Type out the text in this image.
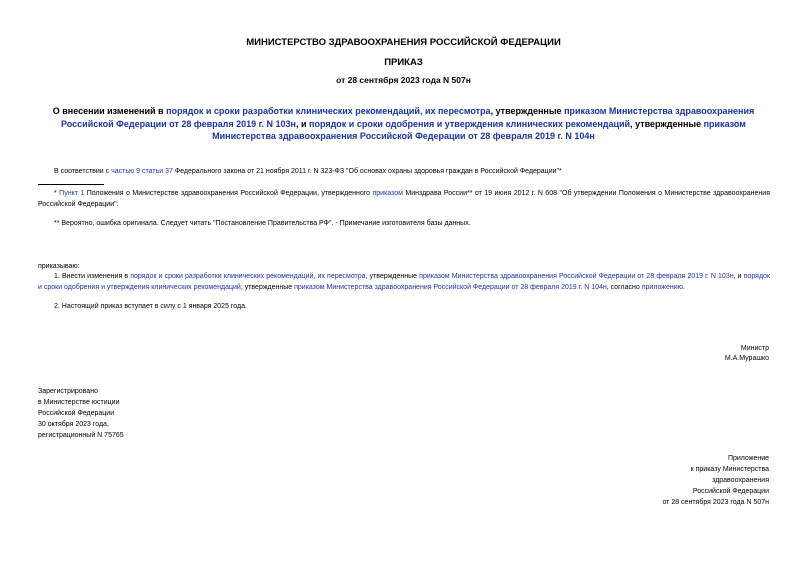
МИНИСТЕРСТВО ЗДРАВООХРАНЕНИЯ РОССИЙСКОЙ ФЕДЕРАЦИИ
ПРИКАЗ
от 28 сентября 2023 года N 507н
О внесении изменений в порядок и сроки разработки клинических рекомендаций, их пересмотра, утвержденные приказом Министерства здравоохранения Российской Федерации от 28 февраля 2019 г. N 103н, и порядок и сроки одобрения и утверждения клинических рекомендаций, утвержденные приказом Министерства здравоохранения Российской Федерации от 28 февраля 2019 г. N 104н
В соответствии с частью 9 статьи 37 Федерального закона от 21 ноября 2011 г. N 323-ФЗ "Об основах охраны здоровья граждан в Российской Федерации"*
* Пункт 1 Положения о Министерстве здравоохранения Российской Федерации, утвержденного приказом Минздрава России** от 19 июня 2012 г. N 608 "Об утверждении Положения о Министерстве здравоохранения Российской Федерации".
** Вероятно, ошибка оригинала. Следует читать "Постановление Правительства РФ". - Примечание изготовителя базы данных.
приказываю:
1. Внести изменения в порядок и сроки разработки клинических рекомендаций, их пересмотра, утвержденные приказом Министерства здравоохранения Российской Федерации от 28 февраля 2019 г. N 103н, и порядок и сроки одобрения и утверждения клинических рекомендаций, утвержденные приказом Министерства здравоохранения Российской Федерации от 28 февраля 2019 г. N 104н, согласно приложению.
2. Настоящий приказ вступает в силу с 1 января 2025 года.
Министр
М.А.Мурашко
Зарегистрировано
в Министерстве юстиции
Российской Федерации
30 октября 2023 года,
регистрационный N 75765
Приложение
к приказу Министерства
здравоохранения
Российской Федерации
от 28 сентября 2023 года N 507н
